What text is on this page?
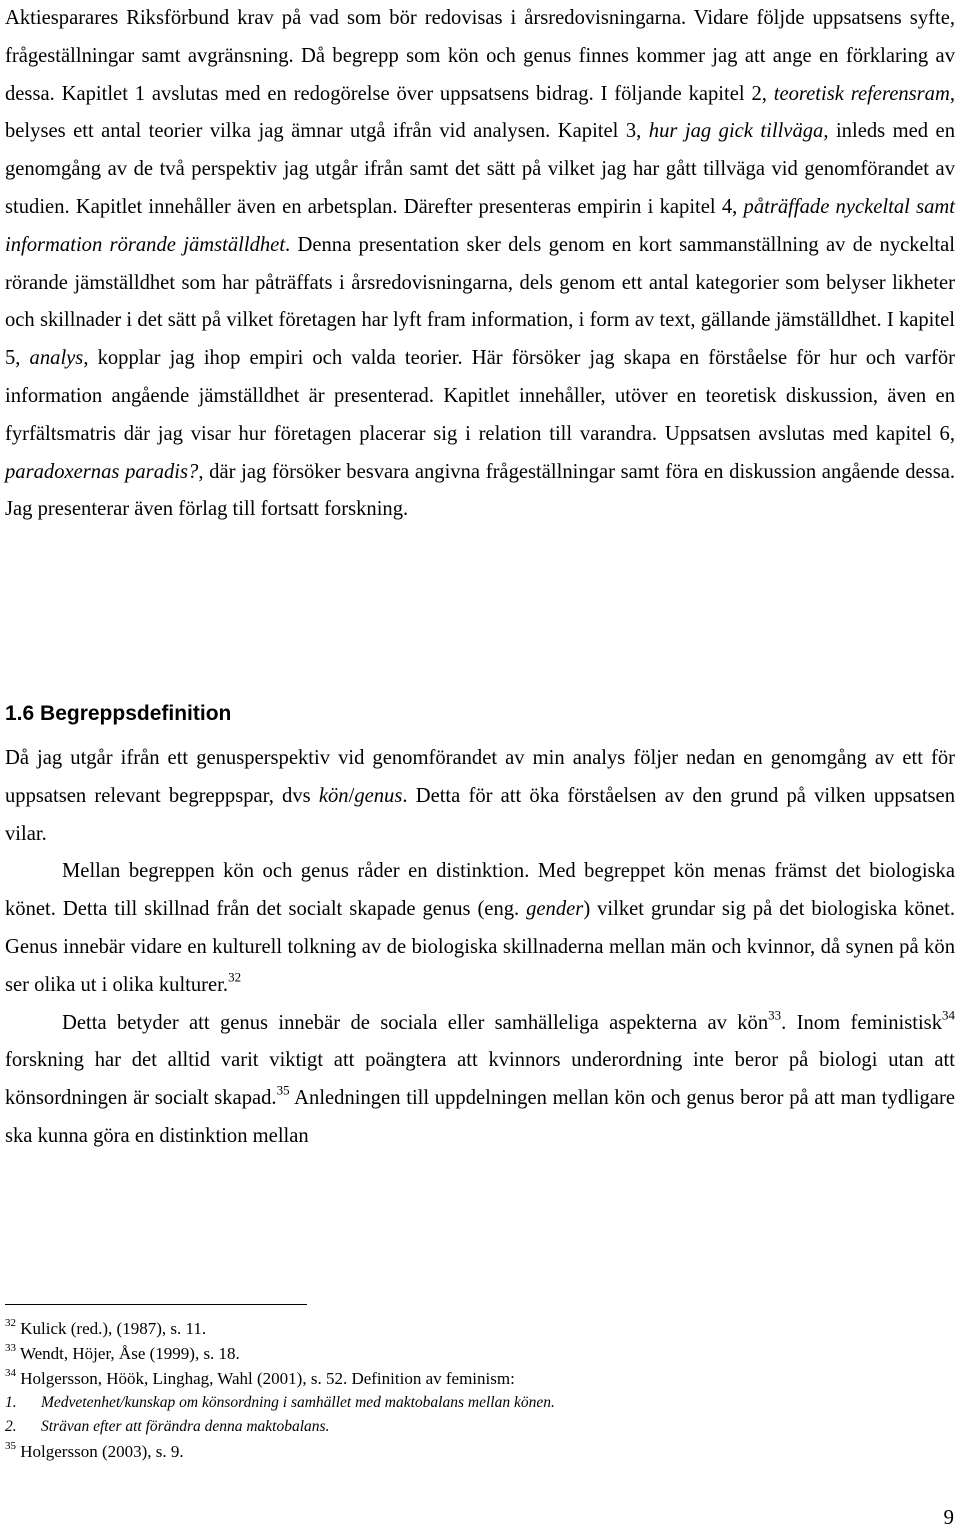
Aktiesparares Riksförbund krav på vad som bör redovisas i årsredovisningarna. Vidare följde uppsatsens syfte, frågeställningar samt avgränsning. Då begrepp som kön och genus finnes kommer jag att ange en förklaring av dessa. Kapitlet 1 avslutas med en redogörelse över uppsatsens bidrag. I följande kapitel 2, teoretisk referensram, belyses ett antal teorier vilka jag ämnar utgå ifrån vid analysen. Kapitel 3, hur jag gick tillväga, inleds med en genomgång av de två perspektiv jag utgår ifrån samt det sätt på vilket jag har gått tillväga vid genomförandet av studien. Kapitlet innehåller även en arbetsplan. Därefter presenteras empirin i kapitel 4, påträffade nyckeltal samt information rörande jämställdhet. Denna presentation sker dels genom en kort sammanställning av de nyckeltal rörande jämställdhet som har påträffats i årsredovisningarna, dels genom ett antal kategorier som belyser likheter och skillnader i det sätt på vilket företagen har lyft fram information, i form av text, gällande jämställdhet. I kapitel 5, analys, kopplar jag ihop empiri och valda teorier. Här försöker jag skapa en förståelse för hur och varför information angående jämställdhet är presenterad. Kapitlet innehåller, utöver en teoretisk diskussion, även en fyrfältsmatris där jag visar hur företagen placerar sig i relation till varandra. Uppsatsen avslutas med kapitel 6, paradoxernas paradis?, där jag försöker besvara angivna frågeställningar samt föra en diskussion angående dessa. Jag presenterar även förlag till fortsatt forskning.

1.6 Begreppsdefinition

Då jag utgår ifrån ett genusperspektiv vid genomförandet av min analys följer nedan en genomgång av ett för uppsatsen relevant begreppspar, dvs kön/genus. Detta för att öka förståelsen av den grund på vilken uppsatsen vilar.

Mellan begreppen kön och genus råder en distinktion. Med begreppet kön menas främst det biologiska könet. Detta till skillnad från det socialt skapade genus (eng. gender) vilket grundar sig på det biologiska könet. Genus innebär vidare en kulturell tolkning av de biologiska skillnaderna mellan män och kvinnor, då synen på kön ser olika ut i olika kulturer.$^{32}$

Detta betyder att genus innebär de sociala eller samhälleliga aspekterna av kön$^{33}$. Inom feministisk$^{34}$ forskning har det alltid varit viktigt att poängtera att kvinnors underordning inte beror på biologi utan att könsordningen är socialt skapad.$^{35}$ Anledningen till uppdelningen mellan kön och genus beror på att man tydligare ska kunna göra en distinktion mellan

$^{32}$ Kulick (red.), (1987), s. 11.

$^{33}$ Wendt, Höjer, Åse (1999), s. 18.

$^{34}$ Holgersson, Höök, Linghag, Wahl (2001), s. 52. Definition av feminism:

1. Medvetenhet/kunskap om könsordning i samhället med maktobalans mellan könen.

2. Strävan efter att förändra denna maktobalans.

$^{35}$ Holgersson (2003), s. 9.

9
